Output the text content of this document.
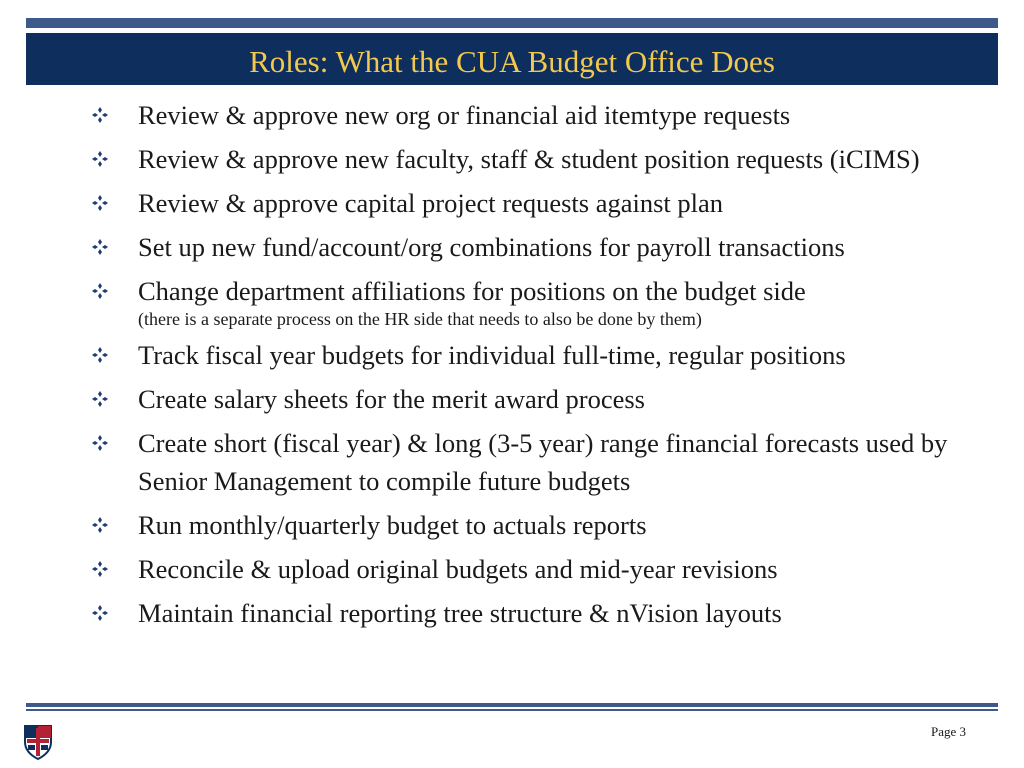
Roles: What the CUA Budget Office Does
Review & approve new org or financial aid itemtype requests
Review & approve new faculty, staff & student position requests (iCIMS)
Review & approve capital project requests against plan
Set up new fund/account/org combinations for payroll transactions
Change department affiliations for positions on the budget side
(there is a separate process on the HR side that needs to also be done by them)
Track fiscal year budgets for individual full-time, regular positions
Create salary sheets for the merit award process
Create short (fiscal year) & long (3-5 year) range financial forecasts used by Senior Management to compile future budgets
Run monthly/quarterly budget to actuals reports
Reconcile & upload original budgets and mid-year revisions
Maintain financial reporting tree structure & nVision layouts
Page 3
